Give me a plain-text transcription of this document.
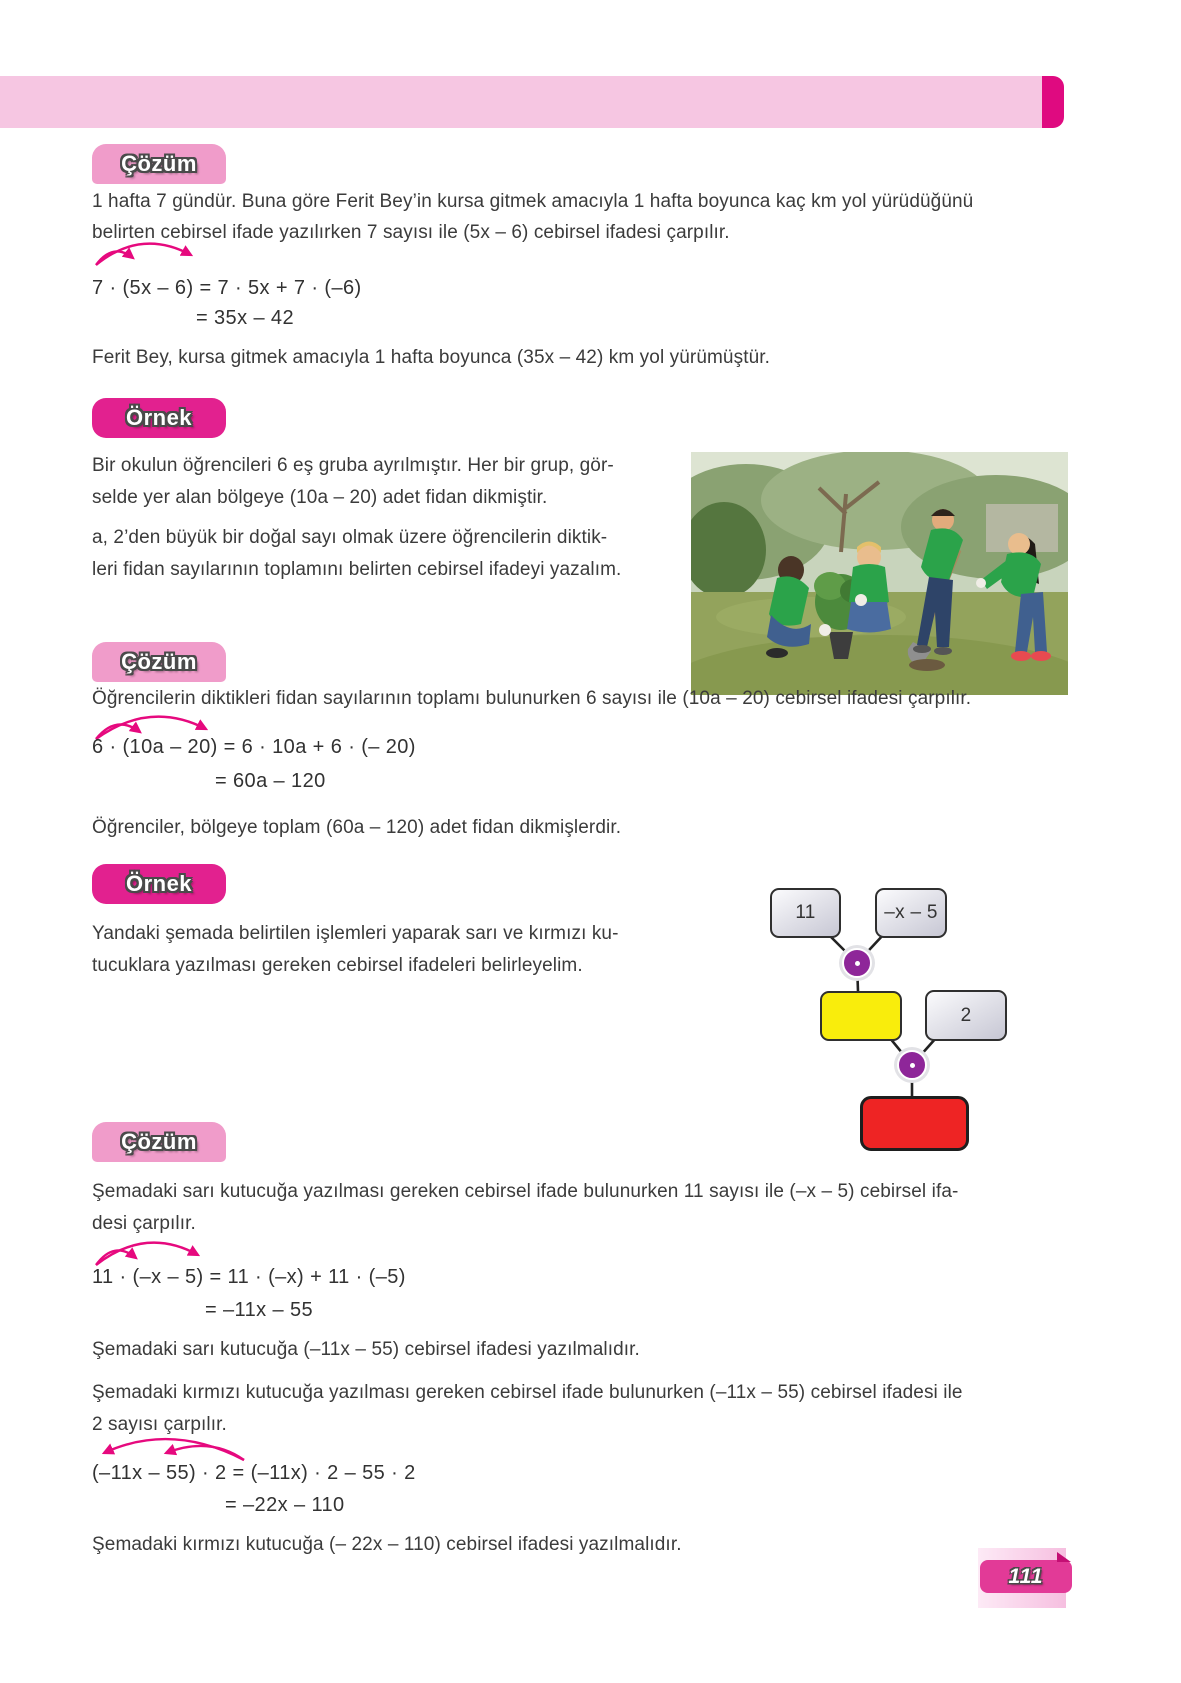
Çözüm
1 hafta 7 gündür. Buna göre Ferit Bey’in kursa gitmek amacıyla 1 hafta boyunca kaç km yol yürüdüğünü
belirten cebirsel ifade yazılırken 7 sayısı ile (5x – 6) cebirsel ifadesi çarpılır.
7 · (5x – 6) = 7 · 5x + 7 · (–6)
= 35x – 42
Ferit Bey, kursa gitmek amacıyla 1 hafta boyunca (35x – 42) km yol yürümüştür.
Örnek
Bir okulun öğrencileri 6 eş gruba ayrılmıştır. Her bir grup, gör-
selde yer alan bölgeye (10a – 20) adet fidan dikmiştir.
a, 2’den büyük bir doğal sayı olmak üzere öğrencilerin diktik-
leri fidan sayılarının toplamını belirten cebirsel ifadeyi yazalım.
Çözüm
Öğrencilerin diktikleri fidan sayılarının toplamı bulunurken 6 sayısı ile (10a – 20) cebirsel ifadesi çarpılır.
6 · (10a – 20) = 6 · 10a + 6 · (– 20)
= 60a – 120
Öğrenciler, bölgeye toplam (60a – 120) adet fidan dikmişlerdir.
Örnek
Yandaki şemada belirtilen işlemleri yaparak sarı ve kırmızı ku-
tucuklara yazılması gereken cebirsel ifadeleri belirleyelim.
11	–x – 5
2
Çözüm
Şemadaki sarı kutucuğa yazılması gereken cebirsel ifade bulunurken 11 sayısı ile (–x – 5) cebirsel ifa-
desi çarpılır.
11 · (–x – 5) = 11 · (–x) + 11 · (–5)
= –11x – 55
Şemadaki sarı kutucuğa (–11x – 55) cebirsel ifadesi yazılmalıdır.
Şemadaki kırmızı kutucuğa yazılması gereken cebirsel ifade bulunurken (–11x – 55) cebirsel ifadesi ile
2 sayısı çarpılır.
(–11x – 55) · 2 = (–11x) · 2 – 55 · 2
= –22x – 110
Şemadaki kırmızı kutucuğa (– 22x – 110) cebirsel ifadesi yazılmalıdır.
111
